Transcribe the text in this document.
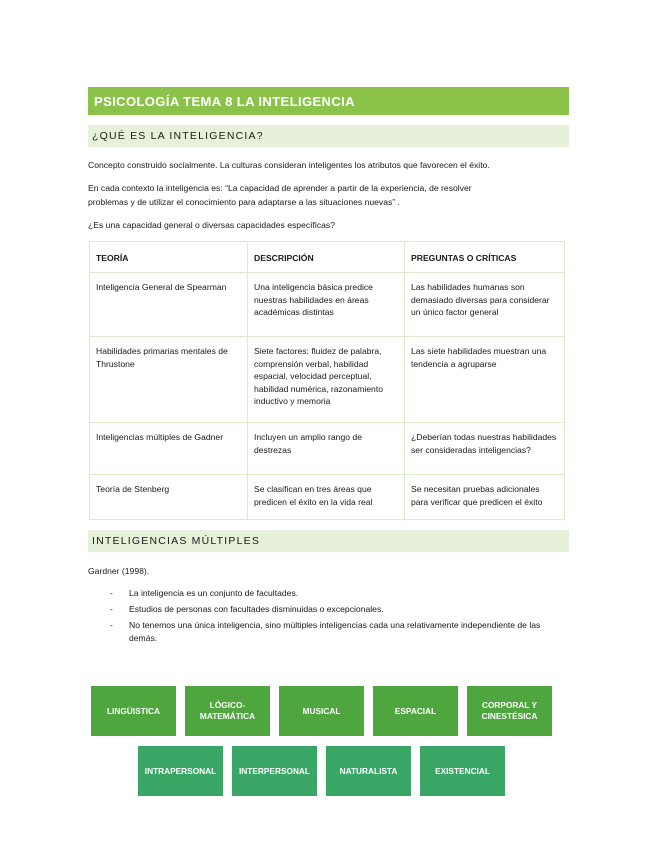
PSICOLOGÍA TEMA 8 LA INTELIGENCIA
¿QUÉ ES LA INTELIGENCIA?

Concepto construido socialmente. La culturas consideran inteligentes los atributos que favorecen el éxito.

En cada contexto la inteligencia es: “La capacidad de aprender a partir de la experiencia, de resolver

problemas y de utilizar el conocimiento para adaptarse a las situaciones nuevas” .

¿Es una capacidad general o diversas capacidades específicas?

TEORÍA	DESCRIPCIÓN	PREGUNTAS O CRÍTICAS
Inteligencia General de Spearman	Una inteligencia básica predice nuestras habilidades en áreas académicas distintas	Las habilidades humanas son demasiado diversas para considerar un único factor general
Habilidades primarias mentales de Thrustone	Siete factores: fluidez de palabra, comprensión verbal, habilidad espacial, velocidad perceptual, habilidad numérica, razonamiento inductivo y memoria	Las siete habilidades muestran una tendencia a agruparse
Inteligencias múltiples de Gadner	Incluyen un amplio rango de destrezas	¿Deberían todas nuestras habilidades ser consideradas inteligencias?
Teoría de Stenberg	Se clasifican en tres áreas que predicen el éxito en la vida real	Se necesitan pruebas adicionales para verificar que predicen el éxito
INTELIGENCIAS MÚLTIPLES

Gardner (1998).

- La inteligencia es un conjunto de facultades.
- Estudios de personas con facultades disminuidas o excepcionales.
- No tenemos una única inteligencia, sino múltiples inteligencias cada una relativamente independiente de las demás.
LINGÜISTICA
LÓGICO-MATEMÁTICA
MUSICAL	ESPACIAL
CORPORAL Y CINESTÉSICA
INTRAPERSONAL	INTERPERSONAL	NATURALISTA	EXISTENCIAL
